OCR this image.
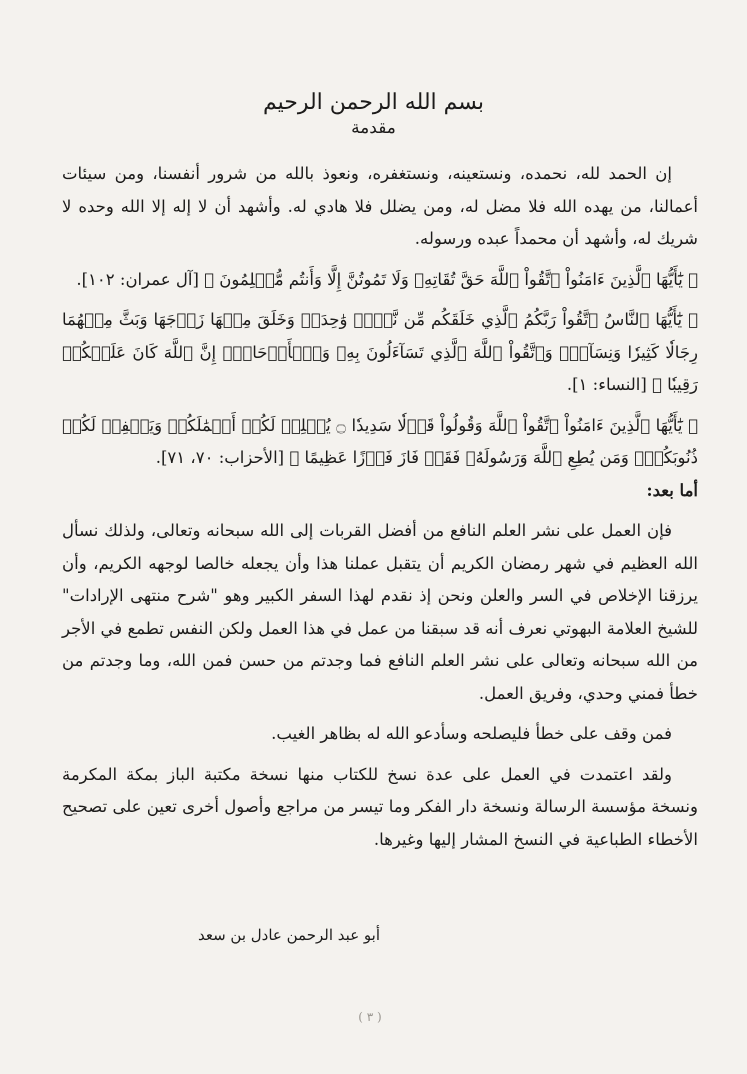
بسم الله الرحمن الرحيم
مقدمة

إن الحمد لله، نحمده، ونستعينه، ونستغفره، ونعوذ بالله من شرور أنفسنا، ومن سيئات أعمالنا، من يهده الله فلا مضل له، ومن يضلل فلا هادي له. وأشهد أن لا إله إلا الله وحده لا شريك له، وأشهد أن محمداً عبده ورسوله.

﴿ يَٰٓأَيُّهَا ٱلَّذِينَ ءَامَنُواْ ٱتَّقُواْ ٱللَّهَ حَقَّ تُقَاتِهِۦ وَلَا تَمُوتُنَّ إِلَّا وَأَنتُم مُّسۡلِمُونَ ﴾ [آل عمران: ١٠٢].

﴿ يَٰٓأَيُّهَا ٱلنَّاسُ ٱتَّقُواْ رَبَّكُمُ ٱلَّذِي خَلَقَكُم مِّن نَّفۡسٖ وَٰحِدَةٖ وَخَلَقَ مِنۡهَا زَوۡجَهَا وَبَثَّ مِنۡهُمَا رِجَالٗا كَثِيرٗا وَنِسَآءٗۚ وَٱتَّقُواْ ٱللَّهَ ٱلَّذِي تَسَآءَلُونَ بِهِۦ وَٱلۡأَرۡحَامَۚ إِنَّ ٱللَّهَ كَانَ عَلَيۡكُمۡ رَقِيبٗا ﴾ [النساء: ١].

﴿ يَٰٓأَيُّهَا ٱلَّذِينَ ءَامَنُواْ ٱتَّقُواْ ٱللَّهَ وَقُولُواْ قَوۡلٗا سَدِيدٗا ۝ يُصۡلِحۡ لَكُمۡ أَعۡمَٰلَكُمۡ وَيَغۡفِرۡ لَكُمۡ ذُنُوبَكُمۡۗ وَمَن يُطِعِ ٱللَّهَ وَرَسُولَهُۥ فَقَدۡ فَازَ فَوۡزًا عَظِيمًا ﴾ [الأحزاب: ٧٠، ٧١].

أما بعد:

فإن العمل على نشر العلم النافع من أفضل القربات إلى الله سبحانه وتعالى، ولذلك نسأل الله العظيم في شهر رمضان الكريم أن يتقبل عملنا هذا وأن يجعله خالصا لوجهه الكريم، وأن يرزقنا الإخلاص في السر والعلن ونحن إذ نقدم لهذا السفر الكبير وهو "شرح منتهى الإرادات" للشيخ العلامة البهوتي نعرف أنه قد سبقنا من عمل في هذا العمل ولكن النفس تطمع في الأجر من الله سبحانه وتعالى على نشر العلم النافع فما وجدتم من حسن فمن الله، وما وجدتم من خطأ فمني وحدي، وفريق العمل.

فمن وقف على خطأ فليصلحه وسأدعو الله له بظاهر الغيب.

ولقد اعتمدت في العمل على عدة نسخ للكتاب منها نسخة مكتبة الباز بمكة المكرمة ونسخة مؤسسة الرسالة ونسخة دار الفكر وما تيسر من مراجع وأصول أخرى تعين على تصحيح الأخطاء الطباعية في النسخ المشار إليها وغيرها.

أبو عبد الرحمن عادل بن سعد
( ٣ )
